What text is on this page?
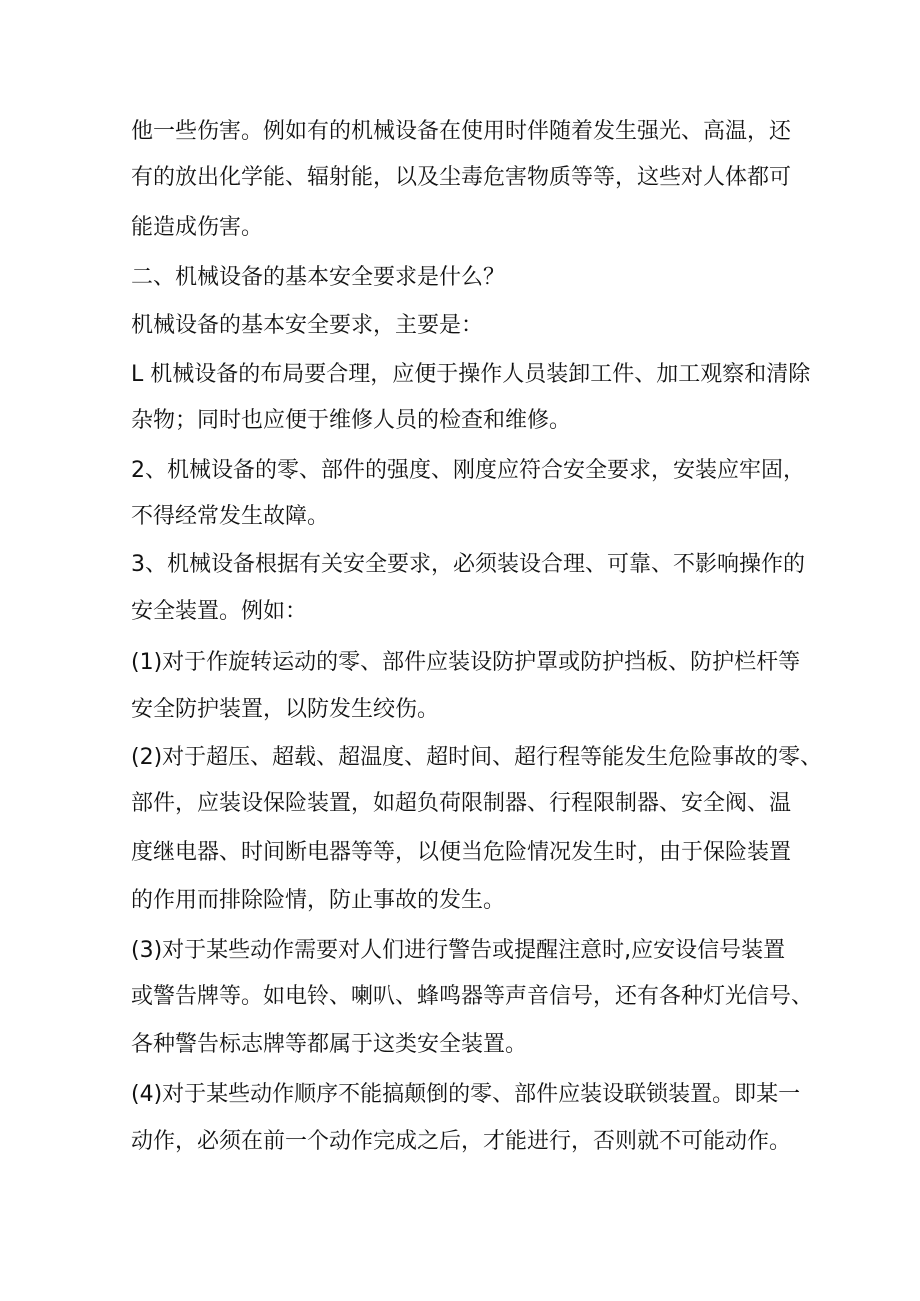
他一些伤害。例如有的机械设备在使用时伴随着发生强光、高温，还

有的放出化学能、辐射能，以及尘毒危害物质等等，这些对人体都可

能造成伤害。

二、机械设备的基本安全要求是什么？

机械设备的基本安全要求，主要是：

L 机械设备的布局要合理，应便于操作人员装卸工件、加工观察和清除

杂物；同时也应便于维修人员的检查和维修。

2、机械设备的零、部件的强度、刚度应符合安全要求，安装应牢固，

不得经常发生故障。

3、机械设备根据有关安全要求，必须装设合理、可靠、不影响操作的

安全装置。例如：

(1)对于作旋转运动的零、部件应装设防护罩或防护挡板、防护栏杆等

安全防护装置，以防发生绞伤。

(2)对于超压、超载、超温度、超时间、超行程等能发生危险事故的零、

部件，应装设保险装置，如超负荷限制器、行程限制器、安全阀、温

度继电器、时间断电器等等，以便当危险情况发生时，由于保险装置

的作用而排除险情，防止事故的发生。

(3)对于某些动作需要对人们进行警告或提醒注意时,应安设信号装置

或警告牌等。如电铃、喇叭、蜂鸣器等声音信号，还有各种灯光信号、

各种警告标志牌等都属于这类安全装置。

(4)对于某些动作顺序不能搞颠倒的零、部件应装设联锁装置。即某一

动作，必须在前一个动作完成之后，才能进行，否则就不可能动作。
